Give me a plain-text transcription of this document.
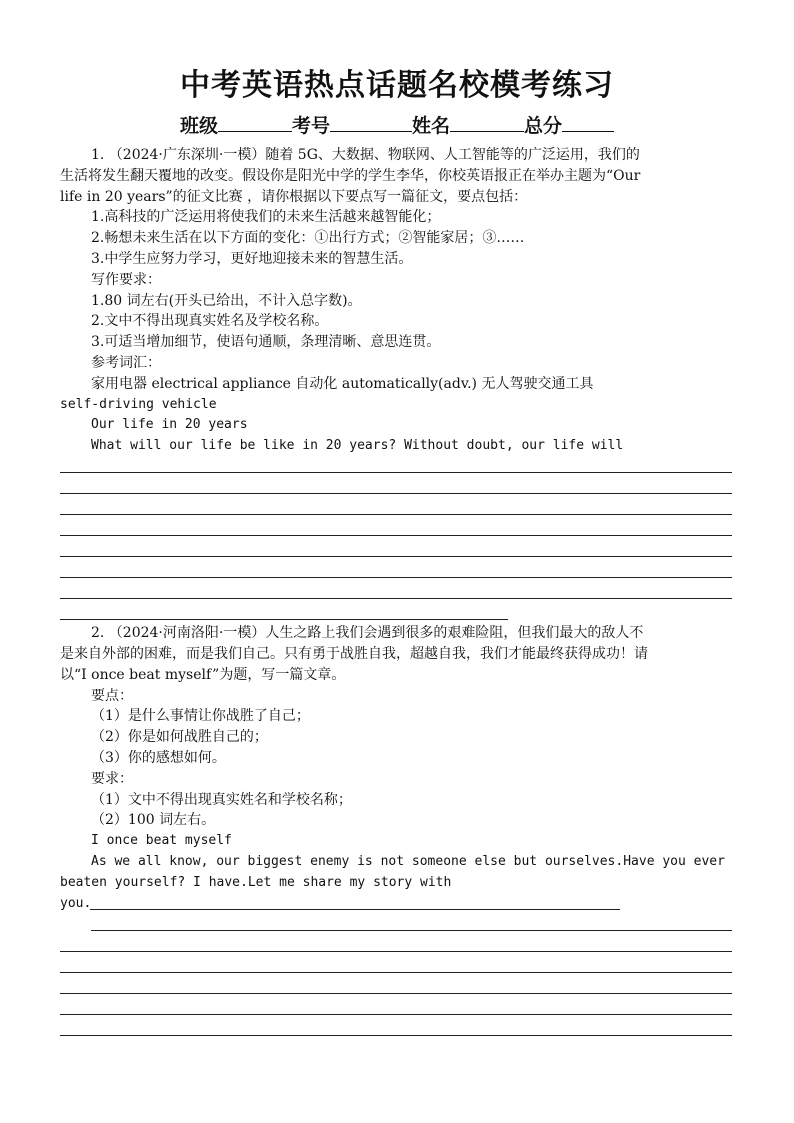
中考英语热点话题名校模考练习
班级	考号	姓名	总分
1. （2024·广东深圳·一模）随着 5G、大数据、物联网、人工智能等的广泛运用，我们的
生活将发生翻天覆地的改变。假设你是阳光中学的学生李华，你校英语报正在举办主题为“Our
life in 20 years”的征文比赛 ，请你根据以下要点写一篇征文，要点包括：
1.高科技的广泛运用将使我们的未来生活越来越智能化；
2.畅想未来生活在以下方面的变化：①出行方式；②智能家居；③……
3.中学生应努力学习，更好地迎接未来的智慧生活。
写作要求：
1.80 词左右(开头已给出，不计入总字数)。
2.文中不得出现真实姓名及学校名称。
3.可适当增加细节，使语句通顺，条理清晰、意思连贯。
参考词汇：
家用电器 electrical appliance 自动化 automatically(adv.) 无人驾驶交通工具
self-driving vehicle
Our life in 20 years
What will our life be like in 20 years? Without doubt, our life will
2. （2024·河南洛阳·一模）人生之路上我们会遇到很多的艰难险阻，但我们最大的敌人不
是来自外部的困难，而是我们自己。只有勇于战胜自我，超越自我，我们才能最终获得成功！请
以“I once beat myself”为题，写一篇文章。
要点：
（1）是什么事情让你战胜了自己；
（2）你是如何战胜自己的；
（3）你的感想如何。
要求：
（1）文中不得出现真实姓名和学校名称；
（2）100 词左右。
I once beat myself
As we all know, our biggest enemy is not someone else but ourselves.Have you ever
beaten yourself? I have.Let me share my story with
you.
